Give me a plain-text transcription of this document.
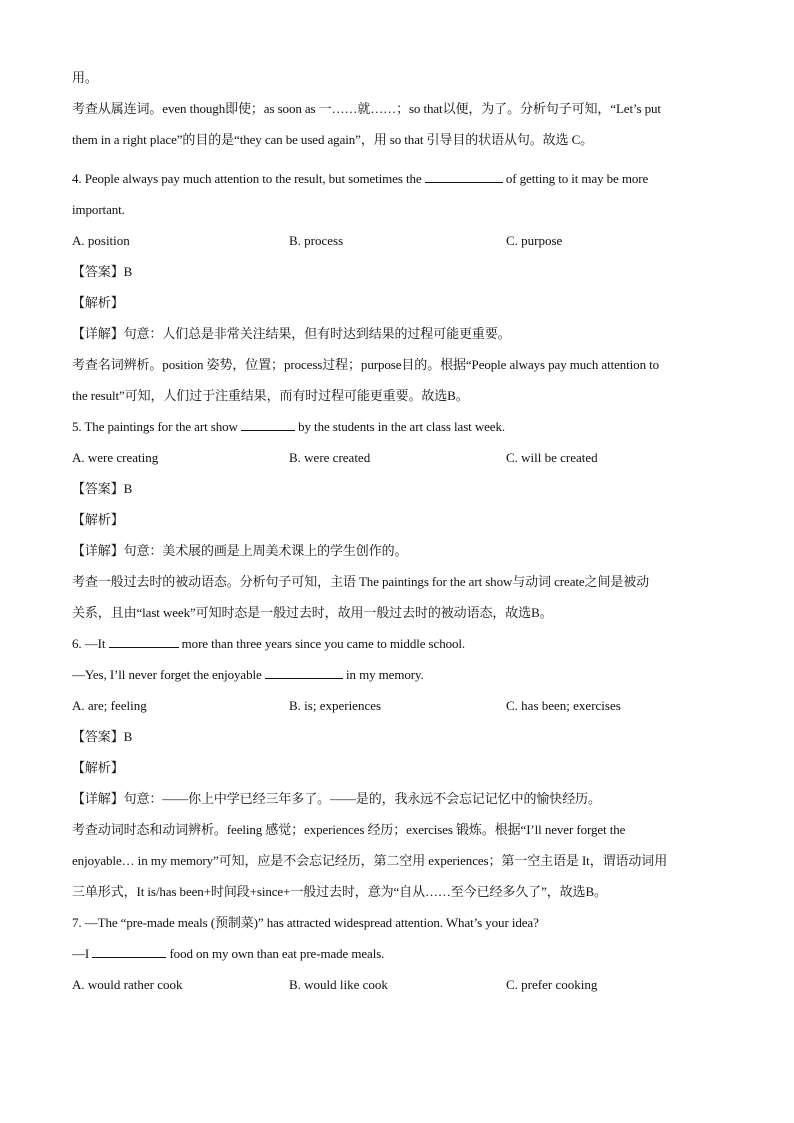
用。
考查从属连词。even though即使；as soon as 一……就……；so that以便，为了。分析句子可知，“Let’s put
them in a right place”的目的是“they can be used again”，用 so that 引导目的状语从句。故选 C。
4. People always pay much attention to the result, but sometimes the	of getting to it may be more
important.
A. position	B. process	C. purpose
【答案】B
【解析】
【详解】句意：人们总是非常关注结果，但有时达到结果的过程可能更重要。
考查名词辨析。position 姿势，位置；process过程；purpose目的。根据“People always pay much attention to
the result”可知，人们过于注重结果，而有时过程可能更重要。故选B。
5. The paintings for the art show	by the students in the art class last week.
A. were creating	B. were created	C. will be created
【答案】B
【解析】
【详解】句意：美术展的画是上周美术课上的学生创作的。
考查一般过去时的被动语态。分析句子可知，主语 The paintings for the art show与动词 create之间是被动
关系，且由“last week”可知时态是一般过去时，故用一般过去时的被动语态，故选B。
6. —It	more than three years since you came to middle school.
—Yes, I’ll never forget the enjoyable	in my memory.
A. are; feeling	B. is; experiences	C. has been; exercises
【答案】B
【解析】
【详解】句意：——你上中学已经三年多了。——是的，我永远不会忘记记忆中的愉快经历。
考查动词时态和动词辨析。feeling 感觉；experiences 经历；exercises 锻炼。根据“I’ll never forget the
enjoyable… in my memory”可知，应是不会忘记经历，第二空用 experiences；第一空主语是 It，谓语动词用
三单形式，It is/has been+时间段+since+一般过去时，意为“自从……至今已经多久了”，故选B。
7. —The “pre-made meals (预制菜)” has attracted widespread attention. What’s your idea?
—I	food on my own than eat pre-made meals.
A. would rather cook	B. would like cook	C. prefer cooking
